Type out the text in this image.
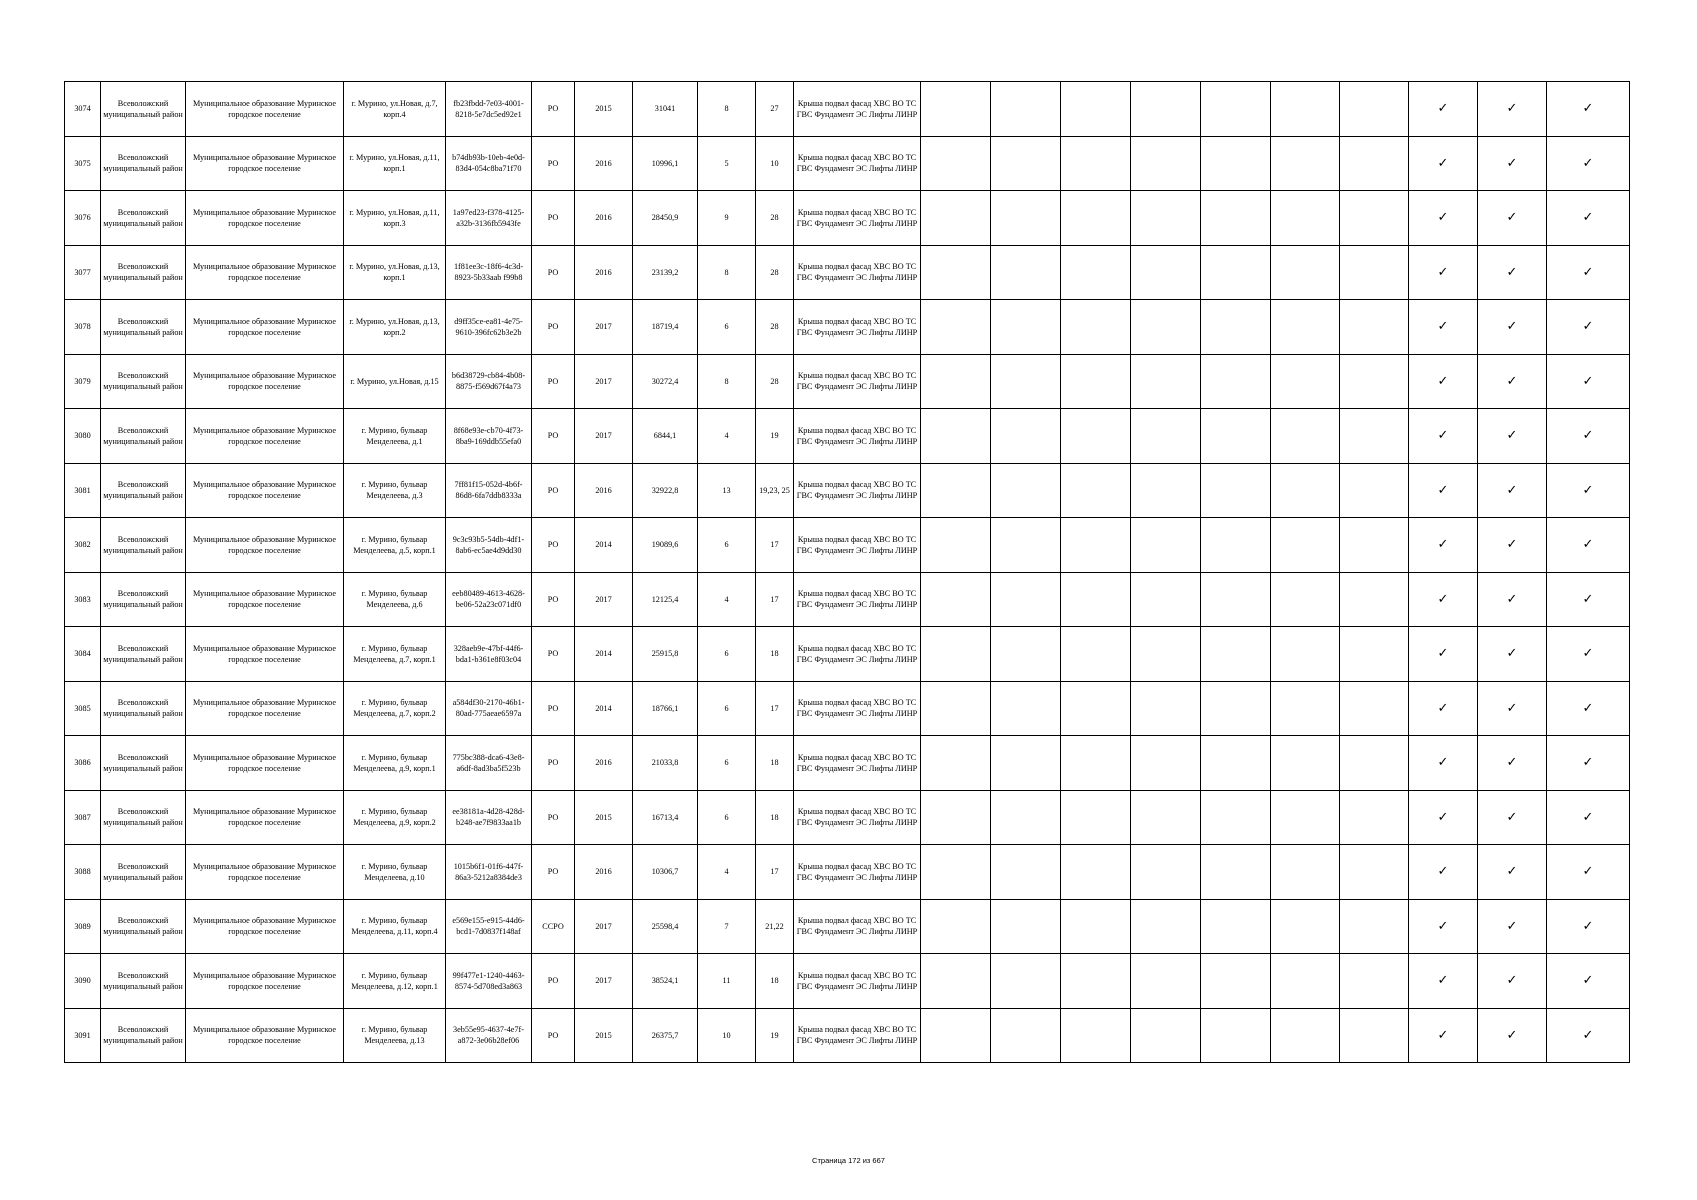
3074	Всеволожский муниципальный район	Муниципальное образование Муринское городское поселение	г. Мурино, ул.Новая, д.7, корп.4	fb23fbdd-7e03-4001-8218-5e7dc5ed92e1	РО	2015	31041	8	27	Крыша подвал фасад ХВС ВО ТС ГВС Фундамент ЭС Лифты ЛИНР								✓	✓	✓
3075	Всеволожский муниципальный район	Муниципальное образование Муринское городское поселение	г. Мурино, ул.Новая, д.11, корп.1	b74db93b-10eb-4e0d-83d4-054c8ba71f70	РО	2016	10996,1	5	10	Крыша подвал фасад ХВС ВО ТС ГВС Фундамент ЭС Лифты ЛИНР								✓	✓	✓
3076	Всеволожский муниципальный район	Муниципальное образование Муринское городское поселение	г. Мурино, ул.Новая, д.11, корп.3	1a97ed23-f378-4125-a32b-3136fb5943fe	РО	2016	28450,9	9	28	Крыша подвал фасад ХВС ВО ТС ГВС Фундамент ЭС Лифты ЛИНР								✓	✓	✓
3077	Всеволожский муниципальный район	Муниципальное образование Муринское городское поселение	г. Мурино, ул.Новая, д.13, корп.1	1f81ee3c-18f6-4c3d-8923-5b33aab f99b8	РО	2016	23139,2	8	28	Крыша подвал фасад ХВС ВО ТС ГВС Фундамент ЭС Лифты ЛИНР								✓	✓	✓
3078	Всеволожский муниципальный район	Муниципальное образование Муринское городское поселение	г. Мурино, ул.Новая, д.13, корп.2	d9ff35ce-ea81-4e75-9610-396fc62b3e2b	РО	2017	18719,4	6	28	Крыша подвал фасад ХВС ВО ТС ГВС Фундамент ЭС Лифты ЛИНР								✓	✓	✓
3079	Всеволожский муниципальный район	Муниципальное образование Муринское городское поселение	г. Мурино, ул.Новая, д.15	b6d38729-cb84-4b08-8875-f569d67f4a73	РО	2017	30272,4	8	28	Крыша подвал фасад ХВС ВО ТС ГВС Фундамент ЭС Лифты ЛИНР								✓	✓	✓
3080	Всеволожский муниципальный район	Муниципальное образование Муринское городское поселение	г. Мурино, бульвар Менделеева, д.1	8f68e93e-cb70-4f73-8ba9-169ddb55efa0	РО	2017	6844,1	4	19	Крыша подвал фасад ХВС ВО ТС ГВС Фундамент ЭС Лифты ЛИНР								✓	✓	✓
3081	Всеволожский муниципальный район	Муниципальное образование Муринское городское поселение	г. Мурино, бульвар Менделеева, д.3	7ff81f15-052d-4b6f-86d8-6fa7ddb8333a	РО	2016	32922,8	13	19,23, 25	Крыша подвал фасад ХВС ВО ТС ГВС Фундамент ЭС Лифты ЛИНР								✓	✓	✓
3082	Всеволожский муниципальный район	Муниципальное образование Муринское городское поселение	г. Мурино, бульвар Менделеева, д.5, корп.1	9c3c93b5-54db-4df1-8ab6-ec5ae4d9dd30	РО	2014	19089,6	6	17	Крыша подвал фасад ХВС ВО ТС ГВС Фундамент ЭС Лифты ЛИНР								✓	✓	✓
3083	Всеволожский муниципальный район	Муниципальное образование Муринское городское поселение	г. Мурино, бульвар Менделеева, д.6	eeb80489-4613-4628-be06-52a23c071df0	РО	2017	12125,4	4	17	Крыша подвал фасад ХВС ВО ТС ГВС Фундамент ЭС Лифты ЛИНР								✓	✓	✓
3084	Всеволожский муниципальный район	Муниципальное образование Муринское городское поселение	г. Мурино, бульвар Менделеева, д.7, корп.1	328aeb9e-47bf-44f6-bda1-b361e8f03c04	РО	2014	25915,8	6	18	Крыша подвал фасад ХВС ВО ТС ГВС Фундамент ЭС Лифты ЛИНР								✓	✓	✓
3085	Всеволожский муниципальный район	Муниципальное образование Муринское городское поселение	г. Мурино, бульвар Менделеева, д.7, корп.2	a584df30-2170-46b1-80ad-775aeae6597a	РО	2014	18766,1	6	17	Крыша подвал фасад ХВС ВО ТС ГВС Фундамент ЭС Лифты ЛИНР								✓	✓	✓
3086	Всеволожский муниципальный район	Муниципальное образование Муринское городское поселение	г. Мурино, бульвар Менделеева, д.9, корп.1	775bc388-dca6-43e8-a6df-8ad3ba5f523b	РО	2016	21033,8	6	18	Крыша подвал фасад ХВС ВО ТС ГВС Фундамент ЭС Лифты ЛИНР								✓	✓	✓
3087	Всеволожский муниципальный район	Муниципальное образование Муринское городское поселение	г. Мурино, бульвар Менделеева, д.9, корп.2	ee38181a-4d28-428d-b248-ae7f9833aa1b	РО	2015	16713,4	6	18	Крыша подвал фасад ХВС ВО ТС ГВС Фундамент ЭС Лифты ЛИНР								✓	✓	✓
3088	Всеволожский муниципальный район	Муниципальное образование Муринское городское поселение	г. Мурино, бульвар Менделеева, д.10	1015b6f1-01f6-447f-86a3-5212a8384de3	РО	2016	10306,7	4	17	Крыша подвал фасад ХВС ВО ТС ГВС Фундамент ЭС Лифты ЛИНР								✓	✓	✓
3089	Всеволожский муниципальный район	Муниципальное образование Муринское городское поселение	г. Мурино, бульвар Менделеева, д.11, корп.4	e569e155-e915-44d6-bcd1-7d0837f148af	ССРО	2017	25598,4	7	21,22	Крыша подвал фасад ХВС ВО ТС ГВС Фундамент ЭС Лифты ЛИНР								✓	✓	✓
3090	Всеволожский муниципальный район	Муниципальное образование Муринское городское поселение	г. Мурино, бульвар Менделеева, д.12, корп.1	99f477e1-1240-4463-8574-5d708ed3a863	РО	2017	38524,1	11	18	Крыша подвал фасад ХВС ВО ТС ГВС Фундамент ЭС Лифты ЛИНР								✓	✓	✓
3091	Всеволожский муниципальный район	Муниципальное образование Муринское городское поселение	г. Мурино, бульвар Менделеева, д.13	3eb55e95-4637-4e7f-a872-3e06b28ef06	РО	2015	26375,7	10	19	Крыша подвал фасад ХВС ВО ТС ГВС Фундамент ЭС Лифты ЛИНР								✓	✓	✓
Страница 172 из 667
